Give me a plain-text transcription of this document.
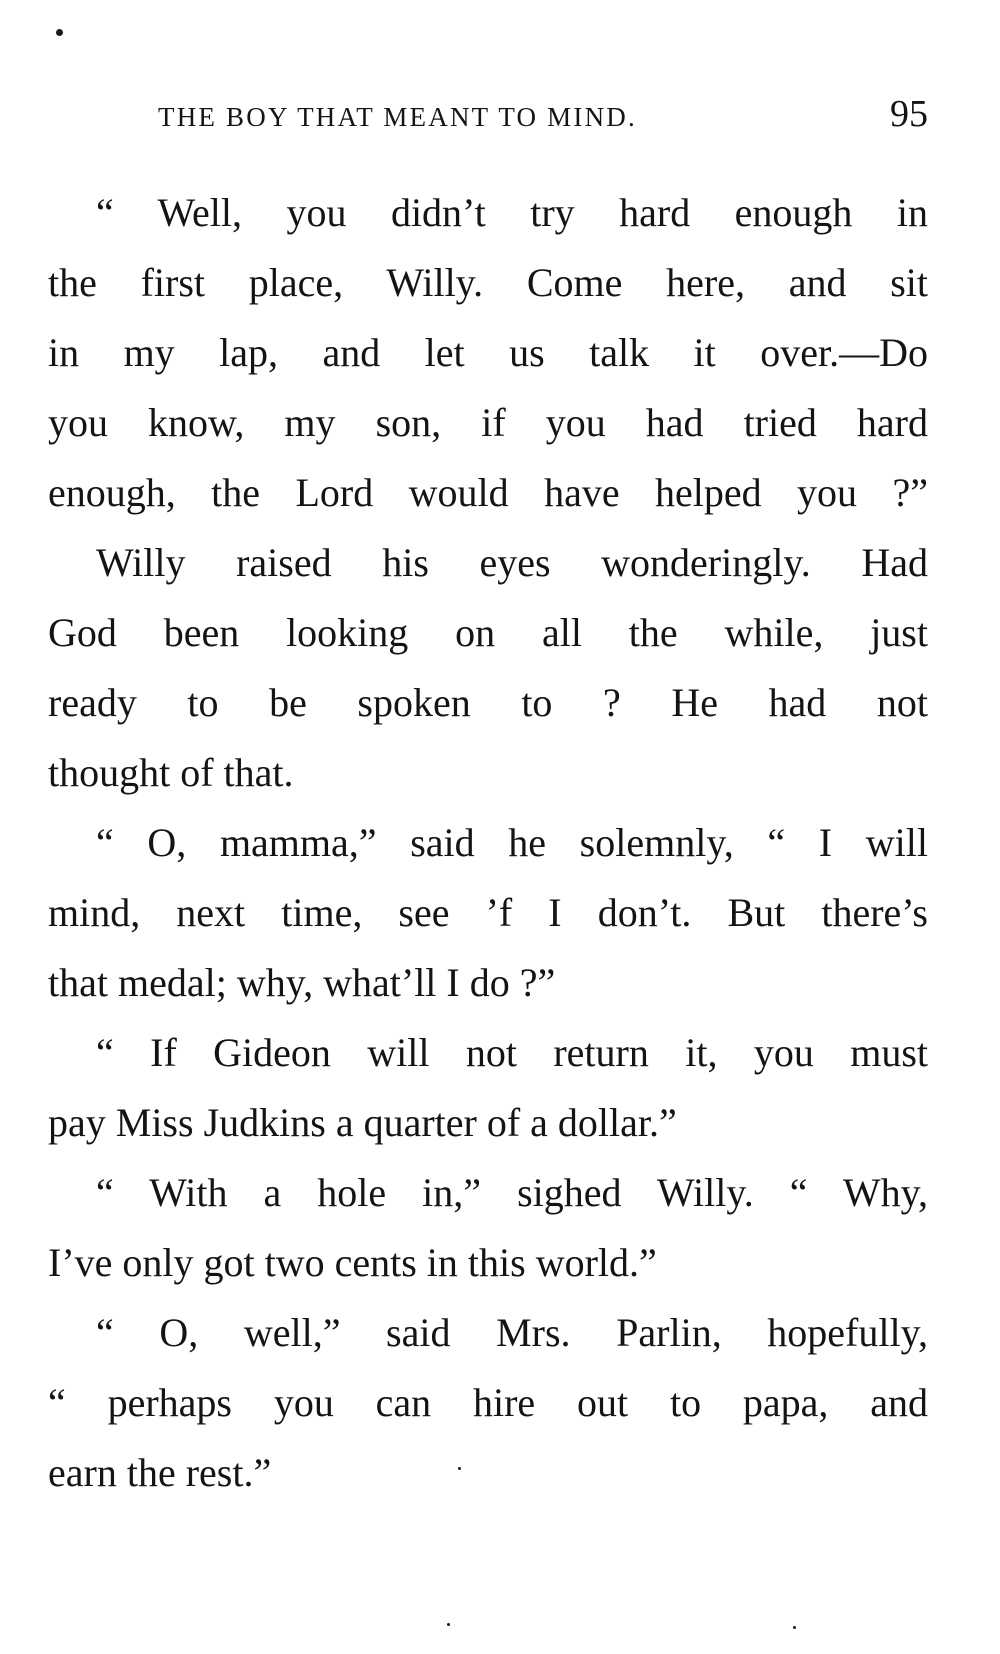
THE BOY THAT MEANT TO MIND.	95
“ Well, you didn’t try hard enough in
the first place, Willy. Come here, and sit
in my lap, and let us talk it over.—Do
you know, my son, if you had tried hard
enough, the Lord would have helped you ?”
Willy raised his eyes wonderingly. Had
God been looking on all the while, just
ready to be spoken to ? He had not
thought of that.
“ O, mamma,” said he solemnly, “ I will
mind, next time, see ’f I don’t. But there’s
that medal; why, what’ll I do ?”
“ If Gideon will not return it, you must
pay Miss Judkins a quarter of a dollar.”
“ With a hole in,” sighed Willy. “ Why,
I’ve only got two cents in this world.”
“ O, well,” said Mrs. Parlin, hopefully,
“ perhaps you can hire out to papa, and
earn the rest.”
